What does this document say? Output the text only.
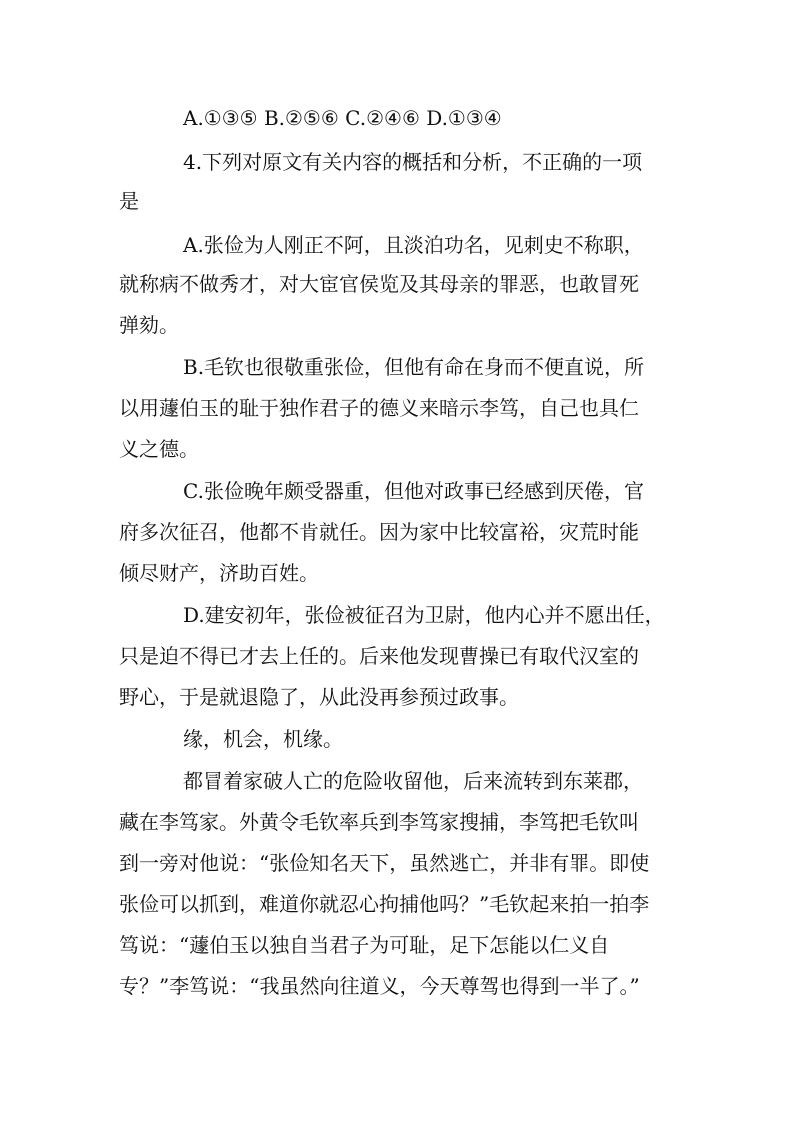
A.①③⑤ B.②⑤⑥ C.②④⑥ D.①③④
4.下列对原文有关内容的概括和分析，不正确的一项
是
A.张俭为人刚正不阿，且淡泊功名，见刺史不称职，
就称病不做秀才，对大宦官侯览及其母亲的罪恶，也敢冒死
弹劾。
B.毛钦也很敬重张俭，但他有命在身而不便直说，所
以用蘧伯玉的耻于独作君子的德义来暗示李笃，自己也具仁
义之德。
C.张俭晚年颇受器重，但他对政事已经感到厌倦，官
府多次征召，他都不肯就任。因为家中比较富裕，灾荒时能
倾尽财产，济助百姓。
D.建安初年，张俭被征召为卫尉，他内心并不愿出任，
只是迫不得已才去上任的。后来他发现曹操已有取代汉室的
野心，于是就退隐了，从此没再参预过政事。
缘，机会，机缘。
都冒着家破人亡的危险收留他，后来流转到东莱郡，
藏在李笃家。外黄令毛钦率兵到李笃家搜捕，李笃把毛钦叫
到一旁对他说：“张俭知名天下，虽然逃亡，并非有罪。即使
张俭可以抓到，难道你就忍心拘捕他吗？”毛钦起来拍一拍李
笃说：“蘧伯玉以独自当君子为可耻，足下怎能以仁义自
专？”李笃说：“我虽然向往道义，今天尊驾也得到一半了。”
